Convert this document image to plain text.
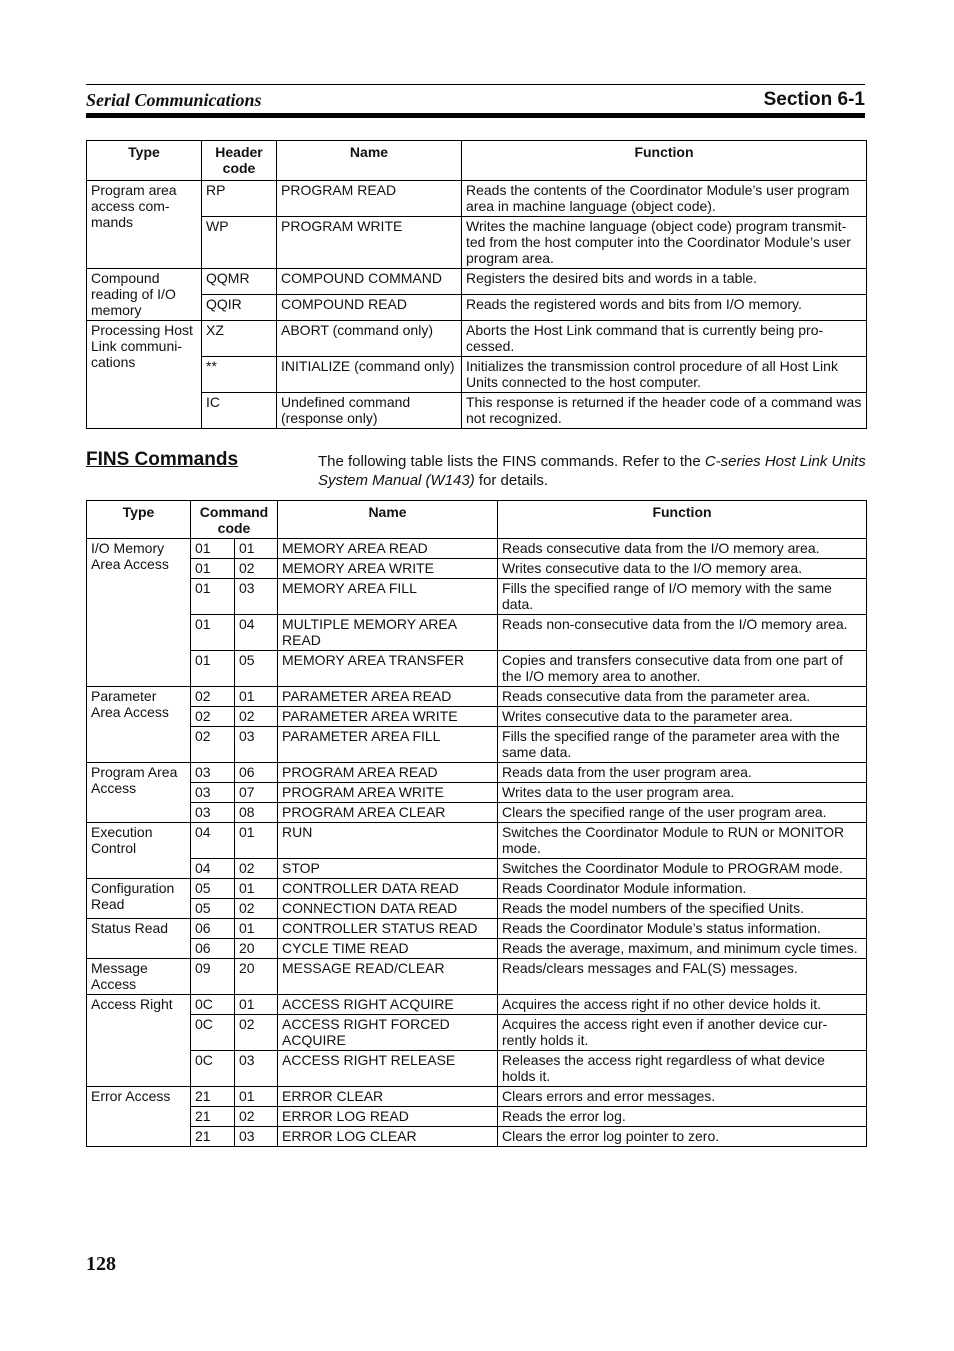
Serial Communications	Section 6-1
Type	Header code	Name	Function
Program area access com- mands	RP	PROGRAM READ	Reads the contents of the Coordinator Module’s user program area in machine language (object code).
	WP	PROGRAM WRITE	Writes the machine language (object code) program transmit- ted from the host computer into the Coordinator Module’s user program area.
Compound reading of I/O memory	QQMR	COMPOUND COMMAND	Registers the desired bits and words in a table.
	QQIR	COMPOUND READ	Reads the registered words and bits from I/O memory.
Processing Host Link communi- cations	XZ	ABORT (command only)	Aborts the Host Link command that is currently being pro- cessed.
	**	INITIALIZE (command only)	Initializes the transmission control procedure of all Host Link Units connected to the host computer.
	IC	Undefined command (response only)	This response is returned if the header code of a command was not recognized.
FINS Commands	The following table lists the FINS commands. Refer to the C-series Host Link Units System Manual (W143) for details.
Type	Command code		Name	Function
I/O Memory Area Access	01	01	MEMORY AREA READ	Reads consecutive data from the I/O memory area.
	01	02	MEMORY AREA WRITE	Writes consecutive data to the I/O memory area.
	01	03	MEMORY AREA FILL	Fills the specified range of I/O memory with the same data.
	01	04	MULTIPLE MEMORY AREA READ	Reads non-consecutive data from the I/O memory area.
	01	05	MEMORY AREA TRANSFER	Copies and transfers consecutive data from one part of the I/O memory area to another.
Parameter Area Access	02	01	PARAMETER AREA READ	Reads consecutive data from the parameter area.
	02	02	PARAMETER AREA WRITE	Writes consecutive data to the parameter area.
	02	03	PARAMETER AREA FILL	Fills the specified range of the parameter area with the same data.
Program Area Access	03	06	PROGRAM AREA READ	Reads data from the user program area.
	03	07	PROGRAM AREA WRITE	Writes data to the user program area.
	03	08	PROGRAM AREA CLEAR	Clears the specified range of the user program area.
Execution Control	04	01	RUN	Switches the Coordinator Module to RUN or MONITOR mode.
	04	02	STOP	Switches the Coordinator Module to PROGRAM mode.
Configuration Read	05	01	CONTROLLER DATA READ	Reads Coordinator Module information.
	05	02	CONNECTION DATA READ	Reads the model numbers of the specified Units.
Status Read	06	01	CONTROLLER STATUS READ	Reads the Coordinator Module’s status information.
	06	20	CYCLE TIME READ	Reads the average, maximum, and minimum cycle times.
Message Access	09	20	MESSAGE READ/CLEAR	Reads/clears messages and FAL(S) messages.
Access Right	0C	01	ACCESS RIGHT ACQUIRE	Acquires the access right if no other device holds it.
	0C	02	ACCESS RIGHT FORCED ACQUIRE	Acquires the access right even if another device cur- rently holds it.
	0C	03	ACCESS RIGHT RELEASE	Releases the access right regardless of what device holds it.
Error Access	21	01	ERROR CLEAR	Clears errors and error messages.
	21	02	ERROR LOG READ	Reads the error log.
	21	03	ERROR LOG CLEAR	Clears the error log pointer to zero.
128
